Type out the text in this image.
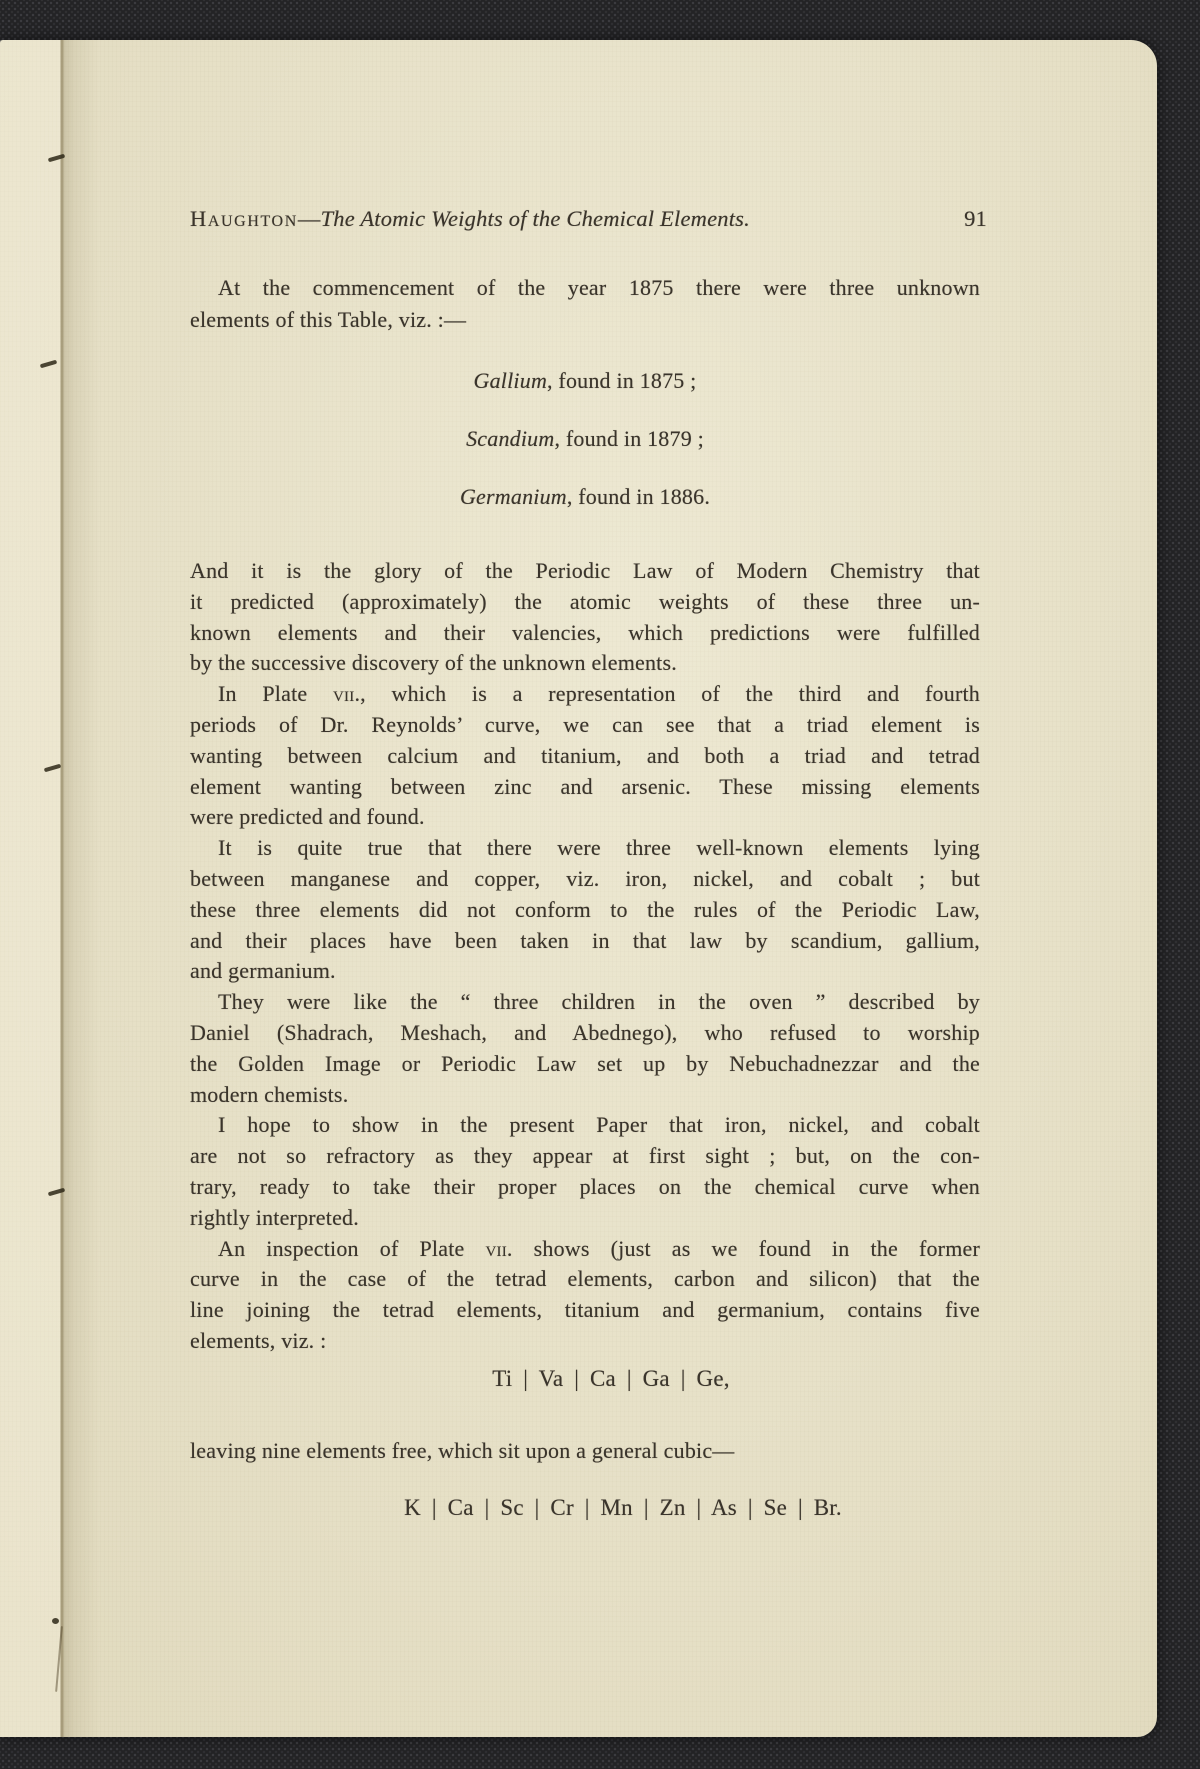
Haughton—The Atomic Weights of the Chemical Elements.	91
At the commencement of the year 1875 there were three unknown
elements of this Table, viz. :—
Gallium, found in 1875 ;
Scandium, found in 1879 ;
Germanium, found in 1886.
And it is the glory of the Periodic Law of Modern Chemistry that
it predicted (approximately) the atomic weights of these three un-
known elements and their valencies, which predictions were fulfilled
by the successive discovery of the unknown elements.
In Plate vii., which is a representation of the third and fourth
periods of Dr. Reynolds’ curve, we can see that a triad element is
wanting between calcium and titanium, and both a triad and tetrad
element wanting between zinc and arsenic. These missing elements
were predicted and found.
It is quite true that there were three well-known elements lying
between manganese and copper, viz. iron, nickel, and cobalt ; but
these three elements did not conform to the rules of the Periodic Law,
and their places have been taken in that law by scandium, gallium,
and germanium.
They were like the “ three children in the oven ” described by
Daniel (Shadrach, Meshach, and Abednego), who refused to worship
the Golden Image or Periodic Law set up by Nebuchadnezzar and the
modern chemists.
I hope to show in the present Paper that iron, nickel, and cobalt
are not so refractory as they appear at first sight ; but, on the con-
trary, ready to take their proper places on the chemical curve when
rightly interpreted.
An inspection of Plate vii. shows (just as we found in the former
curve in the case of the tetrad elements, carbon and silicon) that the
line joining the tetrad elements, titanium and germanium, contains five
elements, viz. :
Ti | Va | Ca | Ga | Ge,
leaving nine elements free, which sit upon a general cubic—
K | Ca | Sc | Cr | Mn | Zn | As | Se | Br.
